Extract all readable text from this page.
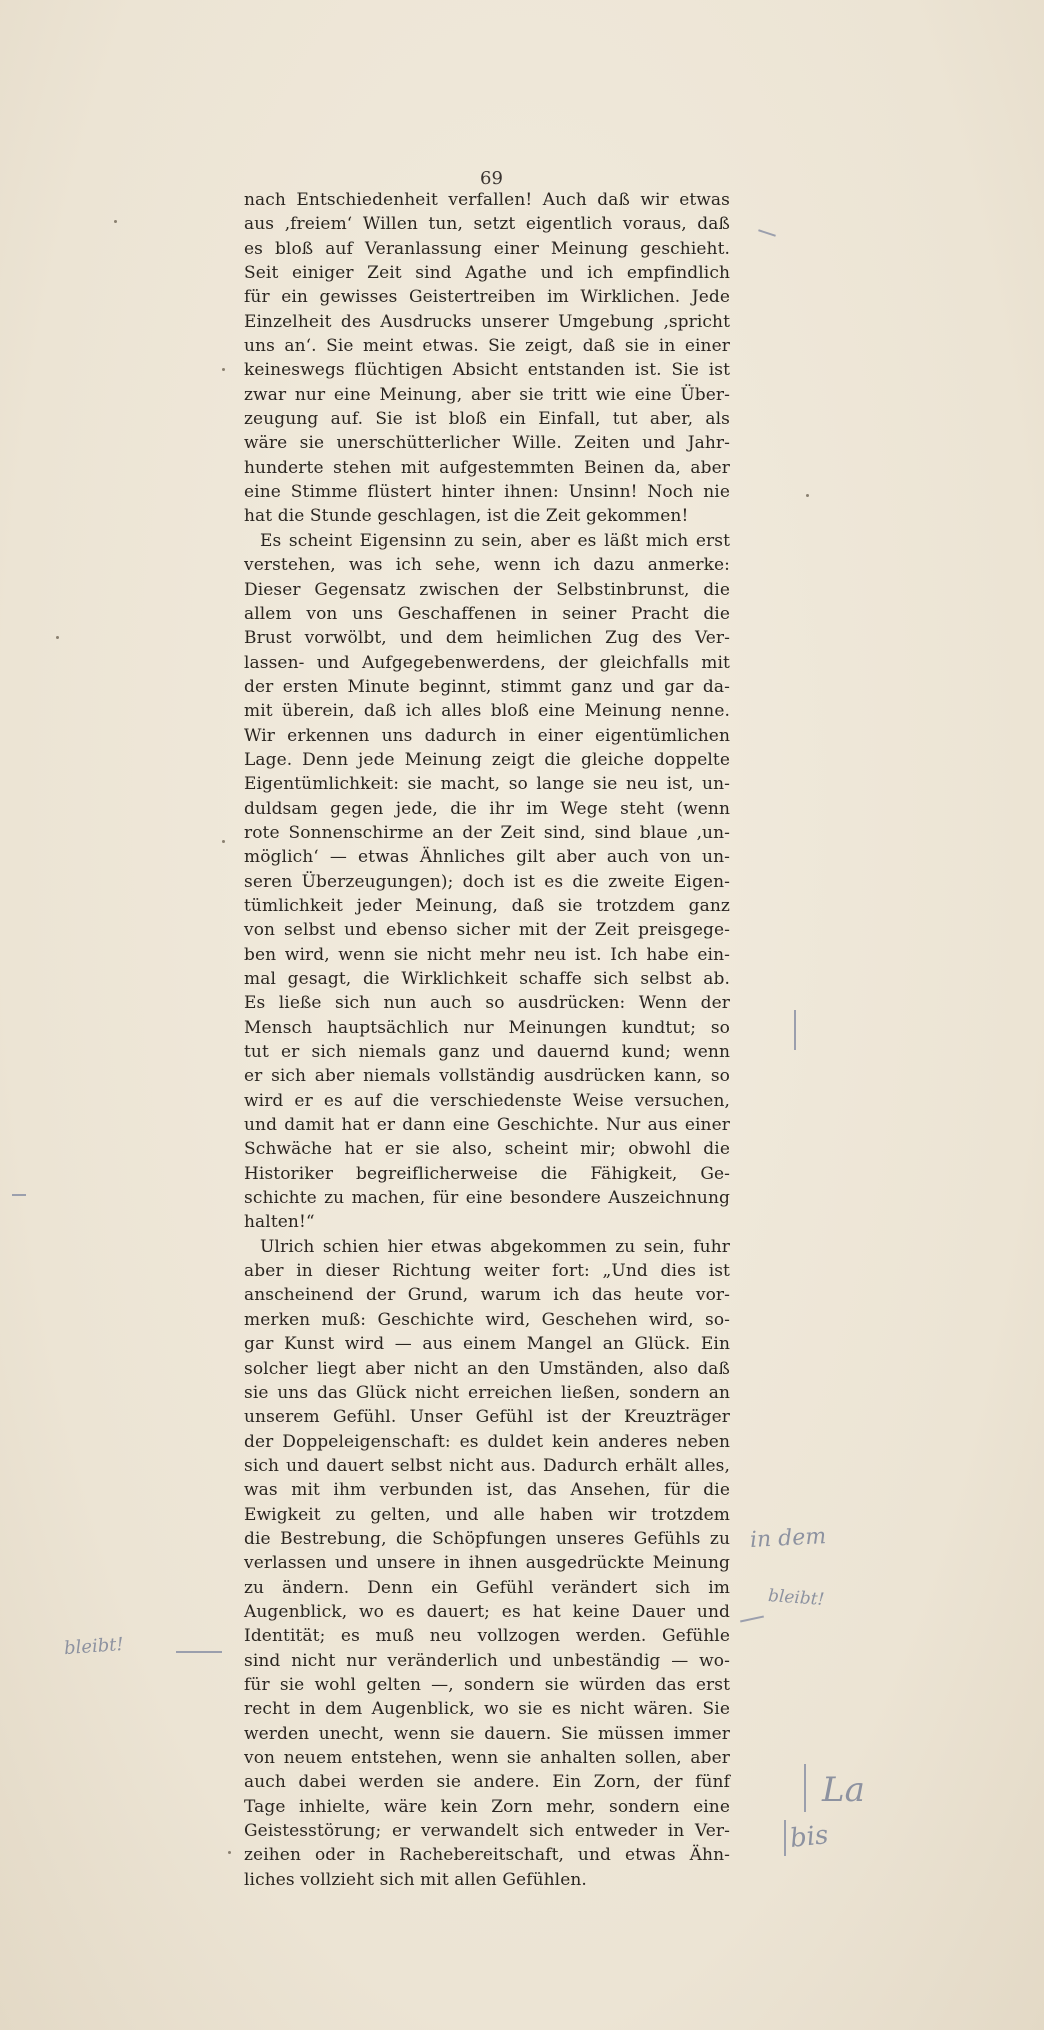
69
nach Entschiedenheit verfallen! Auch daß wir etwas
aus ‚freiem‘ Willen tun, setzt eigentlich voraus, daß
es bloß auf Veranlassung einer Meinung geschieht.
Seit einiger Zeit sind Agathe und ich empfindlich
für ein gewisses Geistertreiben im Wirklichen. Jede
Einzelheit des Ausdrucks unserer Umgebung ‚spricht
uns an‘. Sie meint etwas. Sie zeigt, daß sie in einer
keineswegs flüchtigen Absicht entstanden ist. Sie ist
zwar nur eine Meinung, aber sie tritt wie eine Über-
zeugung auf. Sie ist bloß ein Einfall, tut aber, als
wäre sie unerschütterlicher Wille. Zeiten und Jahr-
hunderte stehen mit aufgestemmten Beinen da, aber
eine Stimme flüstert hinter ihnen: Unsinn! Noch nie
hat die Stunde geschlagen, ist die Zeit gekommen!
Es scheint Eigensinn zu sein, aber es läßt mich erst
verstehen, was ich sehe, wenn ich dazu anmerke:
Dieser Gegensatz zwischen der Selbstinbrunst, die
allem von uns Geschaffenen in seiner Pracht die
Brust vorwölbt, und dem heimlichen Zug des Ver-
lassen- und Aufgegebenwerdens, der gleichfalls mit
der ersten Minute beginnt, stimmt ganz und gar da-
mit überein, daß ich alles bloß eine Meinung nenne.
Wir erkennen uns dadurch in einer eigentümlichen
Lage. Denn jede Meinung zeigt die gleiche doppelte
Eigentümlichkeit: sie macht, so lange sie neu ist, un-
duldsam gegen jede, die ihr im Wege steht (wenn
rote Sonnenschirme an der Zeit sind, sind blaue ‚un-
möglich‘ — etwas Ähnliches gilt aber auch von un-
seren Überzeugungen); doch ist es die zweite Eigen-
tümlichkeit jeder Meinung, daß sie trotzdem ganz
von selbst und ebenso sicher mit der Zeit preisgege-
ben wird, wenn sie nicht mehr neu ist. Ich habe ein-
mal gesagt, die Wirklichkeit schaffe sich selbst ab.
Es ließe sich nun auch so ausdrücken: Wenn der
Mensch hauptsächlich nur Meinungen kundtut; so
tut er sich niemals ganz und dauernd kund; wenn
er sich aber niemals vollständig ausdrücken kann, so
wird er es auf die verschiedenste Weise versuchen,
und damit hat er dann eine Geschichte. Nur aus einer
Schwäche hat er sie also, scheint mir; obwohl die
Historiker begreiflicherweise die Fähigkeit, Ge-
schichte zu machen, für eine besondere Auszeichnung
halten!“
Ulrich schien hier etwas abgekommen zu sein, fuhr
aber in dieser Richtung weiter fort: „Und dies ist
anscheinend der Grund, warum ich das heute vor-
merken muß: Geschichte wird, Geschehen wird, so-
gar Kunst wird — aus einem Mangel an Glück. Ein
solcher liegt aber nicht an den Umständen, also daß
sie uns das Glück nicht erreichen ließen, sondern an
unserem Gefühl. Unser Gefühl ist der Kreuzträger
der Doppeleigenschaft: es duldet kein anderes neben
sich und dauert selbst nicht aus. Dadurch erhält alles,
was mit ihm verbunden ist, das Ansehen, für die
Ewigkeit zu gelten, und alle haben wir trotzdem
die Bestrebung, die Schöpfungen unseres Gefühls zu
verlassen und unsere in ihnen ausgedrückte Meinung
zu ändern. Denn ein Gefühl verändert sich im
Augenblick, wo es dauert; es hat keine Dauer und
Identität; es muß neu vollzogen werden. Gefühle
sind nicht nur veränderlich und unbeständig — wo-
für sie wohl gelten —, sondern sie würden das erst
recht in dem Augenblick, wo sie es nicht wären. Sie
werden unecht, wenn sie dauern. Sie müssen immer
von neuem entstehen, wenn sie anhalten sollen, aber
auch dabei werden sie andere. Ein Zorn, der fünf
Tage inhielte, wäre kein Zorn mehr, sondern eine
Geistesstörung; er verwandelt sich entweder in Ver-
zeihen oder in Rachebereitschaft, und etwas Ähn-
liches vollzieht sich mit allen Gefühlen.
in dem
bleibt!
bleibt!
La
bis
